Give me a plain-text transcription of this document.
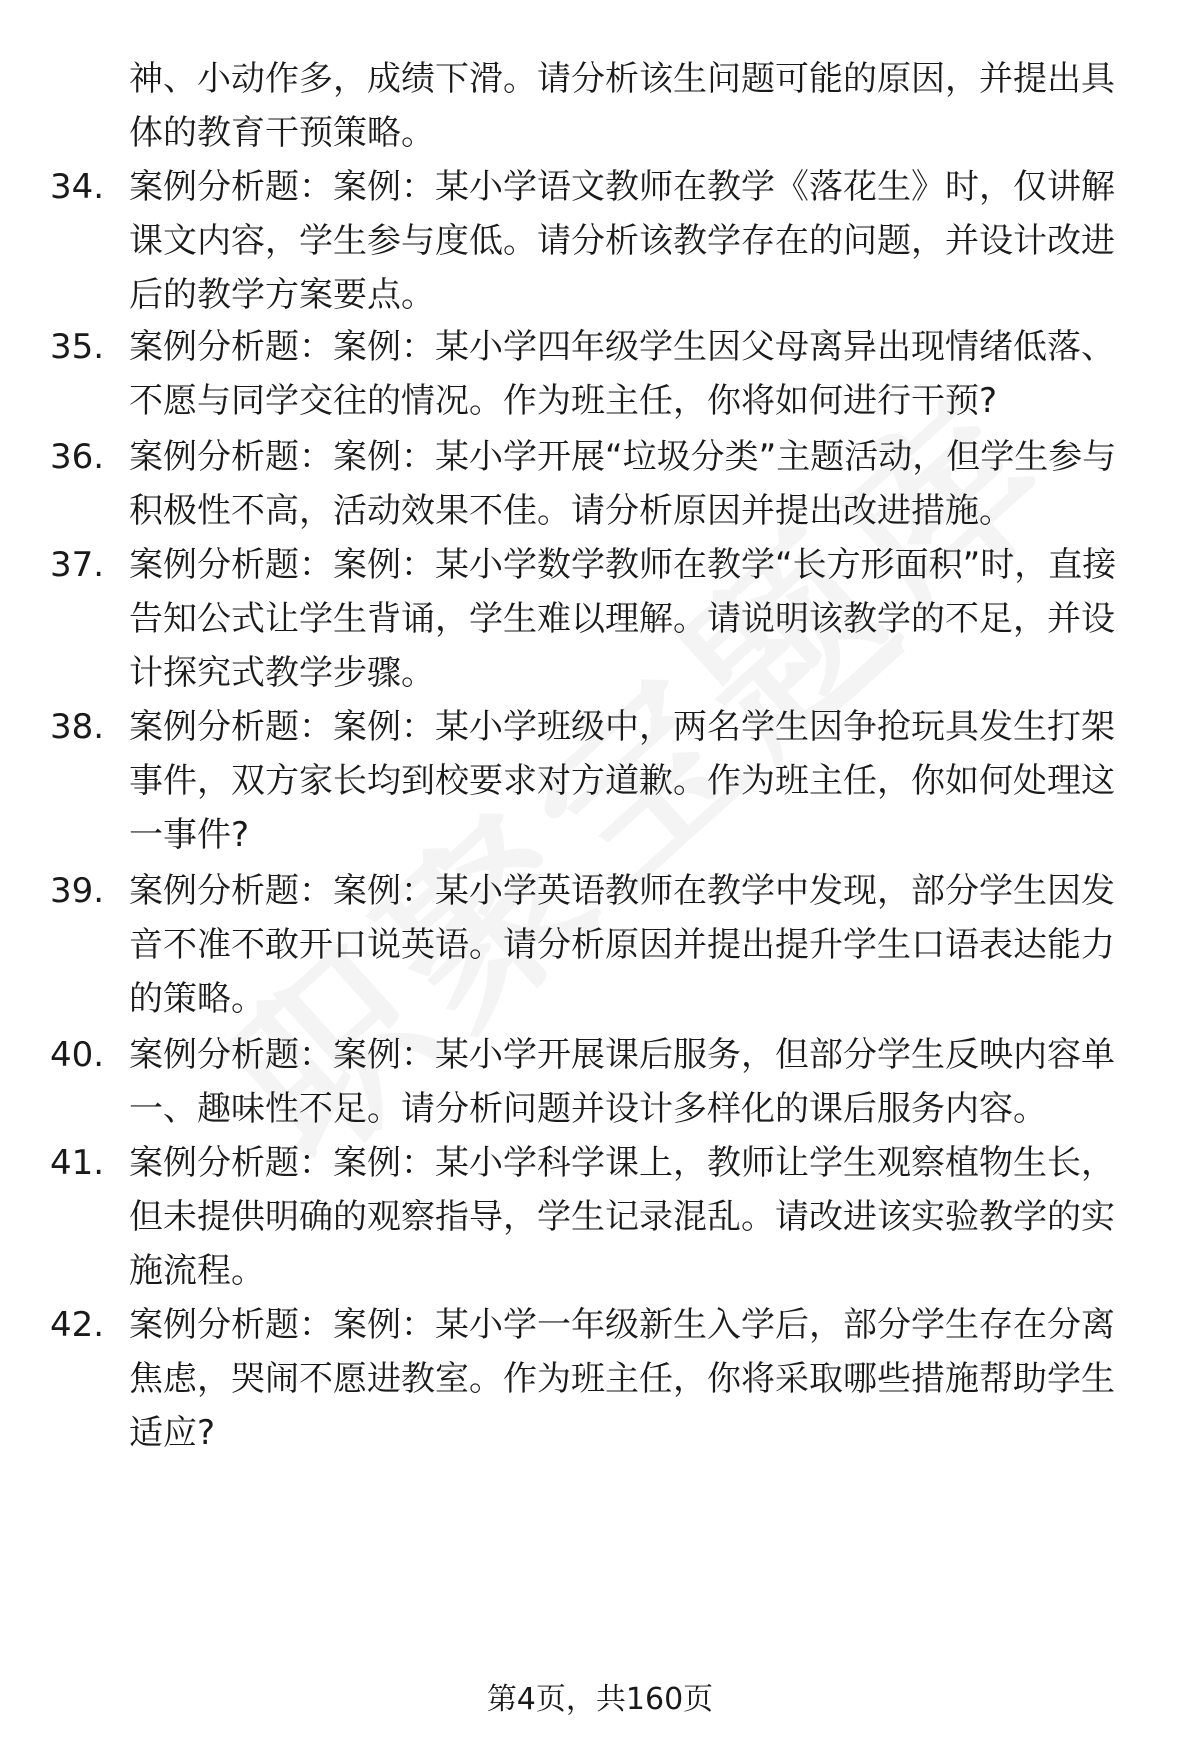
神、小动作多，成绩下滑。请分析该生问题可能的原因，并提出具体的教育干预策略。
34. 案例分析题：案例：某小学语文教师在教学《落花生》时，仅讲解课文内容，学生参与度低。请分析该教学存在的问题，并设计改进后的教学方案要点。
35. 案例分析题：案例：某小学四年级学生因父母离异出现情绪低落、不愿与同学交往的情况。作为班主任，你将如何进行干预?
36. 案例分析题：案例：某小学开展“垃圾分类”主题活动，但学生参与积极性不高，活动效果不佳。请分析原因并提出改进措施。
37. 案例分析题：案例：某小学数学教师在教学“长方形面积”时，直接告知公式让学生背诵，学生难以理解。请说明该教学的不足，并设计探究式教学步骤。
38. 案例分析题：案例：某小学班级中，两名学生因争抢玩具发生打架事件，双方家长均到校要求对方道歉。作为班主任，你如何处理这一事件?
39. 案例分析题：案例：某小学英语教师在教学中发现，部分学生因发音不准不敢开口说英语。请分析原因并提出提升学生口语表达能力的策略。
40. 案例分析题：案例：某小学开展课后服务，但部分学生反映内容单一、趣味性不足。请分析问题并设计多样化的课后服务内容。
41. 案例分析题：案例：某小学科学课上，教师让学生观察植物生长，但未提供明确的观察指导，学生记录混乱。请改进该实验教学的实施流程。
42. 案例分析题：案例：某小学一年级新生入学后，部分学生存在分离焦虑，哭闹不愿进教室。作为班主任，你将采取哪些措施帮助学生适应?
第4页，共160页
